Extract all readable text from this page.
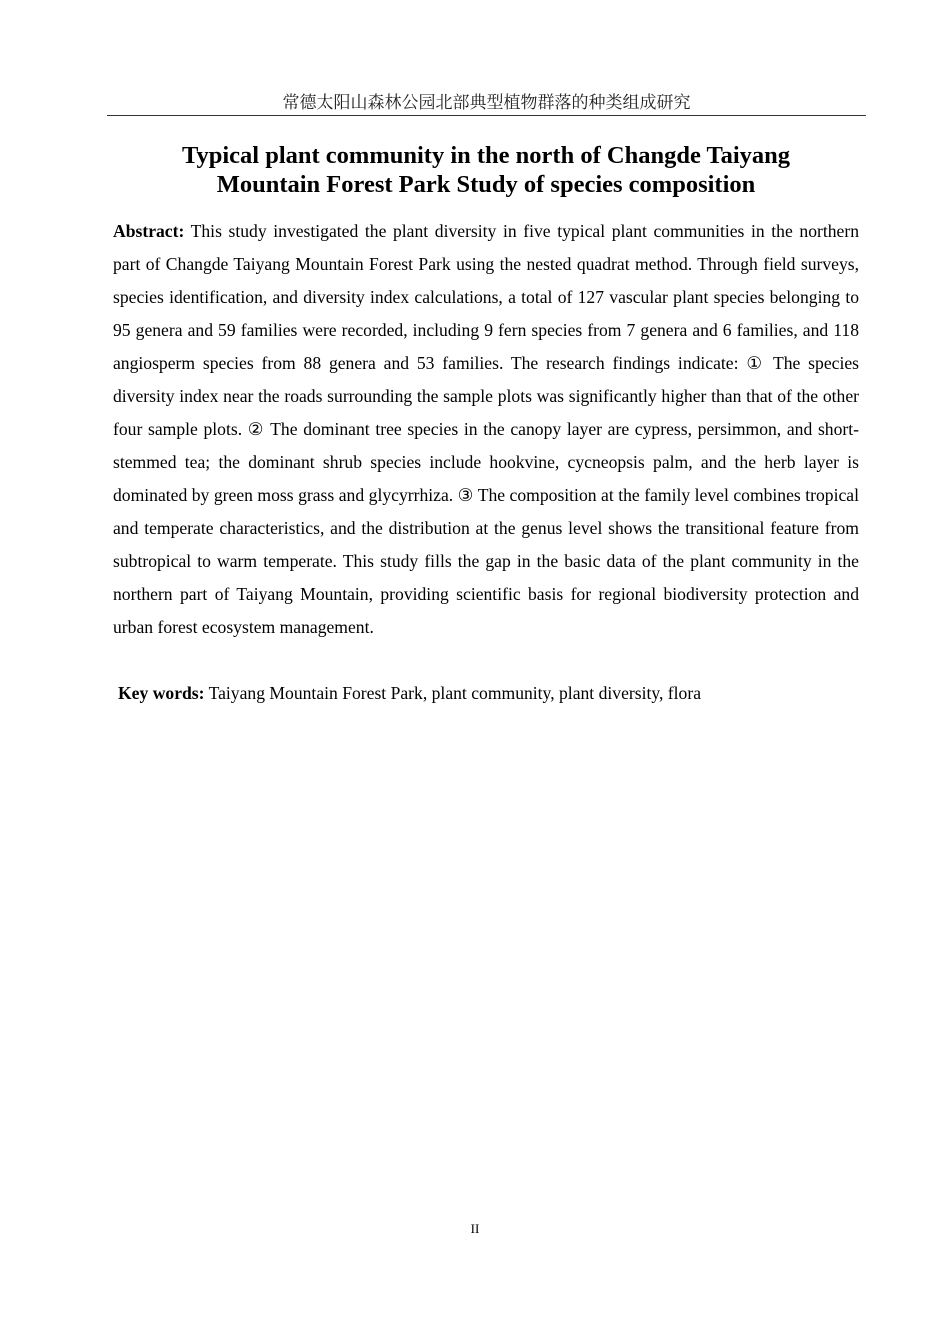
常德太阳山森林公园北部典型植物群落的种类组成研究
Typical plant community in the north of Changde Taiyang
Mountain Forest Park Study of species composition
Abstract: This study investigated the plant diversity in five typical plant communities in the northern part of Changde Taiyang Mountain Forest Park using the nested quadrat method. Through field surveys, species identification, and diversity index calculations, a total of 127 vascular plant species belonging to 95 genera and 59 families were recorded, including 9 fern species from 7 genera and 6 families, and 118 angiosperm species from 88 genera and 53 families. The research findings indicate: ① The species diversity index near the roads surrounding the sample plots was significantly higher than that of the other four sample plots. ② The dominant tree species in the canopy layer are cypress, persimmon, and short-stemmed tea; the dominant shrub species include hookvine, cycneopsis palm, and the herb layer is dominated by green moss grass and glycyrrhiza. ③ The composition at the family level combines tropical and temperate characteristics, and the distribution at the genus level shows the transitional feature from subtropical to warm temperate. This study fills the gap in the basic data of the plant community in the northern part of Taiyang Mountain, providing scientific basis for regional biodiversity protection and urban forest ecosystem management.
Key words: Taiyang Mountain Forest Park, plant community, plant diversity, flora
II
